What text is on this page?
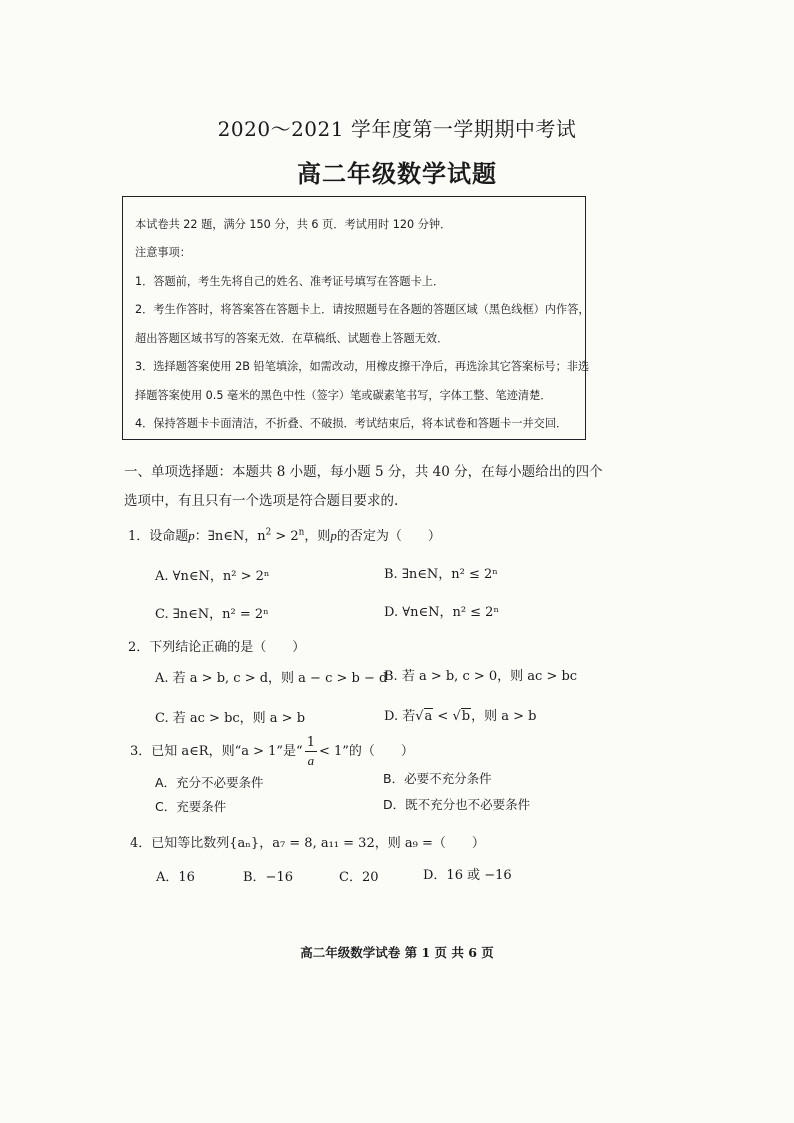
2020～2021 学年度第一学期期中考试
高二年级数学试题
本试卷共 22 题，满分 150 分，共 6 页．考试用时 120 分钟．
注意事项：
1．答题前，考生先将自己的姓名、准考证号填写在答题卡上．
2．考生作答时，将答案答在答题卡上．请按照题号在各题的答题区域（黑色线框）内作答，
超出答题区域书写的答案无效．在草稿纸、试题卷上答题无效．
3．选择题答案使用 2B 铅笔填涂，如需改动，用橡皮擦干净后，再选涂其它答案标号；非选
择题答案使用 0.5 毫米的黑色中性（签字）笔或碳素笔书写，字体工整、笔迹清楚．
4．保持答题卡卡面清洁，不折叠、不破损．考试结束后，将本试卷和答题卡一并交回．
一、单项选择题：本题共 8 小题，每小题 5 分，共 40 分，在每小题给出的四个
选项中，有且只有一个选项是符合题目要求的.
1．设命题p：∃n∈N，$n^2 > 2^n$，则p的否定为（　　）
A. ∀n∈N，n² > 2ⁿ	B. ∃n∈N，n² ≤ 2ⁿ
C. ∃n∈N，n² = 2ⁿ	D. ∀n∈N，n² ≤ 2ⁿ
2．下列结论正确的是（　　）
A. 若 a > b, c > d，则 a − c > b − d
B. 若 a > b, c > 0，则 ac > bc
C. 若 ac > bc，则 a > b	D. 若√a < √b，则 a > b
3．已知 a∈R，则“a > 1”是“ $\frac{1}{a} < 1$”的（　　）
A．充分不必要条件	B．必要不充分条件
C．充要条件	D．既不充分也不必要条件
4．已知等比数列{aₙ}，a₇ = 8, a₁₁ = 32，则 a₉ =（　　）
A．16	B．−16	C．20	D．16 或 −16
高二年级数学试卷 第 1 页 共 6 页
